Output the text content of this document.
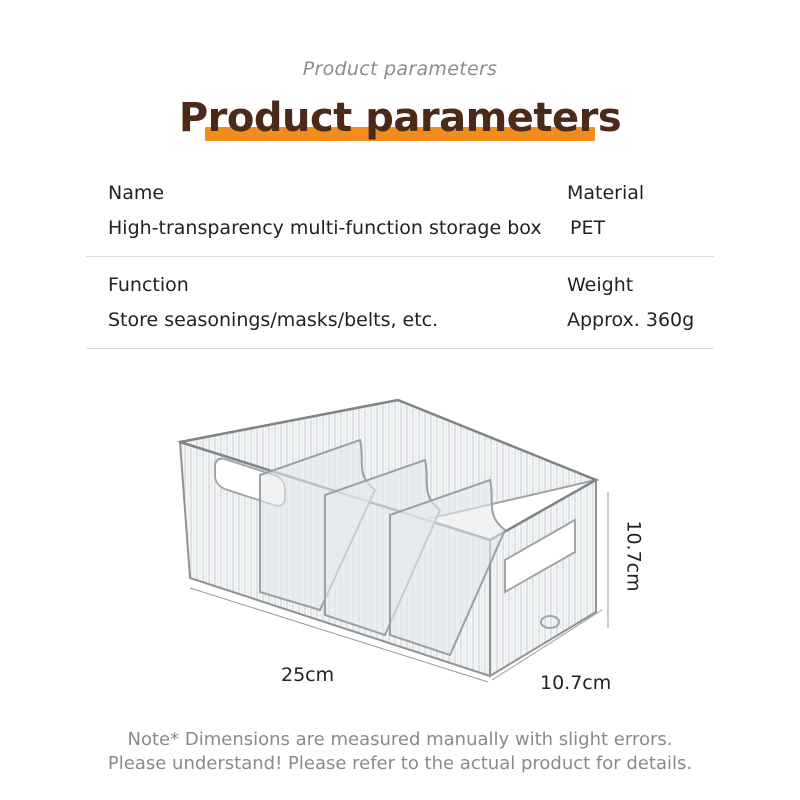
Product parameters
Product parameters
Name
High-transparency multi-function storage box
Material
PET
Function
Store seasonings/masks/belts, etc.
Weight
Approx. 360g
25cm	10.7cm
10.7cm
Note* Dimensions are measured manually with slight errors.
Please understand! Please refer to the actual product for details.
